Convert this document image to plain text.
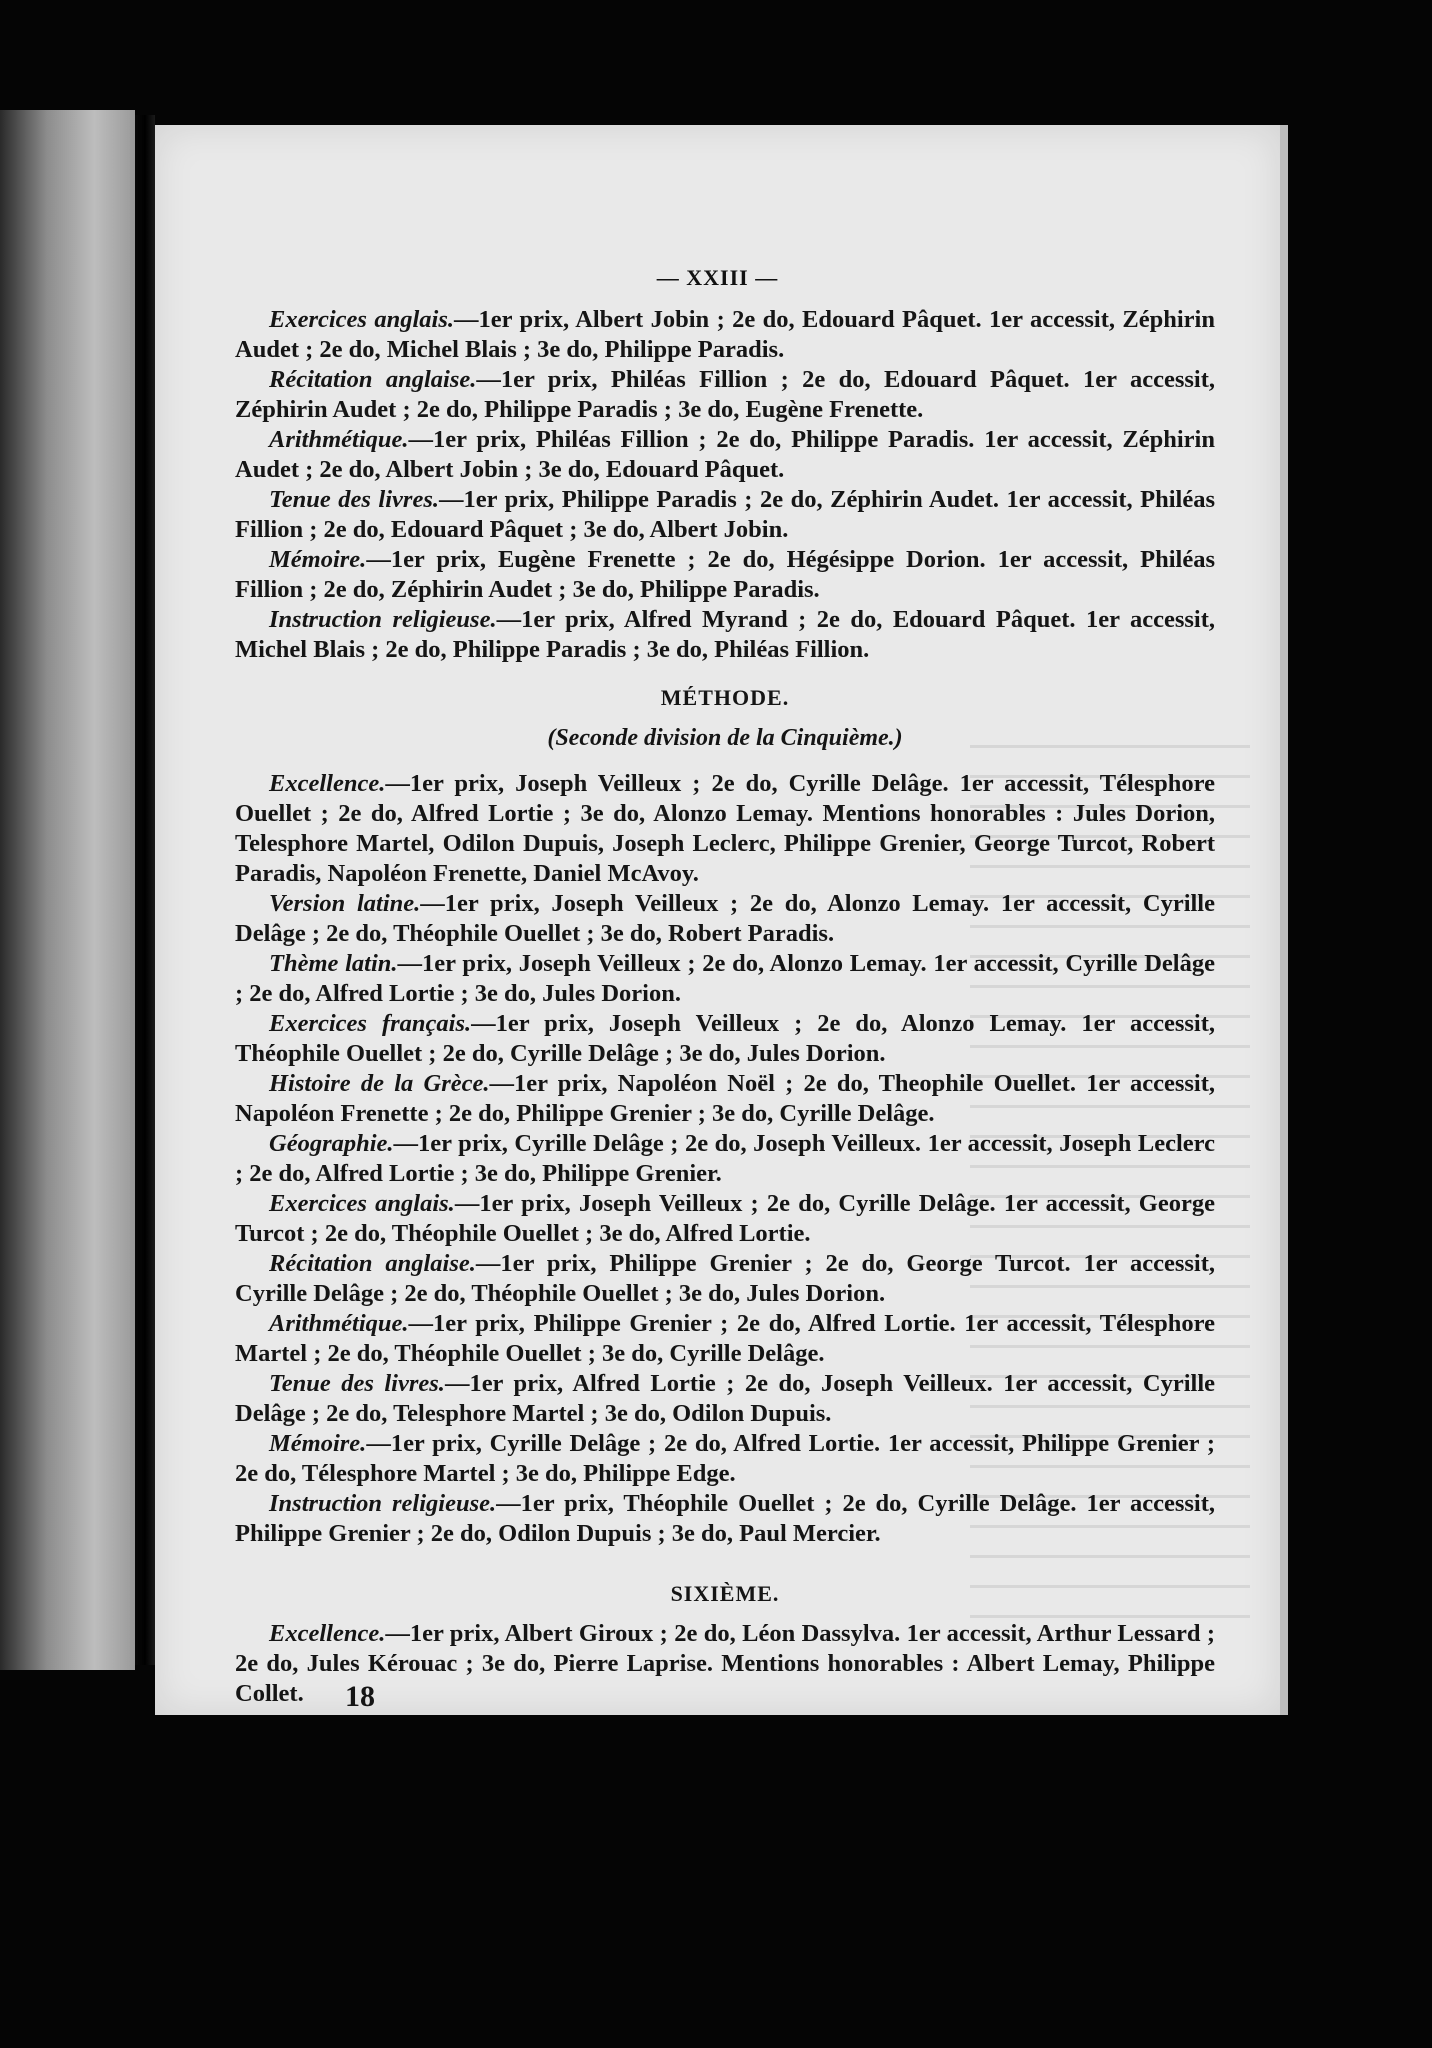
— XXIII —

Exercices anglais.—1er prix, Albert Jobin ; 2e do, Edouard Pâquet. 1er accessit, Zéphirin Audet ; 2e do, Michel Blais ; 3e do, Philippe Paradis.

Récitation anglaise.—1er prix, Philéas Fillion ; 2e do, Edouard Pâquet. 1er accessit, Zéphirin Audet ; 2e do, Philippe Paradis ; 3e do, Eugène Frenette.

Arithmétique.—1er prix, Philéas Fillion ; 2e do, Philippe Paradis. 1er accessit, Zéphirin Audet ; 2e do, Albert Jobin ; 3e do, Edouard Pâquet.

Tenue des livres.—1er prix, Philippe Paradis ; 2e do, Zéphirin Audet. 1er accessit, Philéas Fillion ; 2e do, Edouard Pâquet ; 3e do, Albert Jobin.

Mémoire.—1er prix, Eugène Frenette ; 2e do, Hégésippe Dorion. 1er accessit, Philéas Fillion ; 2e do, Zéphirin Audet ; 3e do, Philippe Paradis.

Instruction religieuse.—1er prix, Alfred Myrand ; 2e do, Edouard Pâquet. 1er accessit, Michel Blais ; 2e do, Philippe Paradis ; 3e do, Philéas Fillion.

MÉTHODE.
(Seconde division de la Cinquième.)

Excellence.—1er prix, Joseph Veilleux ; 2e do, Cyrille Delâge. 1er accessit, Télesphore Ouellet ; 2e do, Alfred Lortie ; 3e do, Alonzo Lemay. Mentions honorables : Jules Dorion, Telesphore Martel, Odilon Dupuis, Joseph Leclerc, Philippe Grenier, George Turcot, Robert Paradis, Napoléon Frenette, Daniel McAvoy.

Version latine.—1er prix, Joseph Veilleux ; 2e do, Alonzo Lemay. 1er accessit, Cyrille Delâge ; 2e do, Théophile Ouellet ; 3e do, Robert Paradis.

Thème latin.—1er prix, Joseph Veilleux ; 2e do, Alonzo Lemay. 1er accessit, Cyrille Delâge ; 2e do, Alfred Lortie ; 3e do, Jules Dorion.

Exercices français.—1er prix, Joseph Veilleux ; 2e do, Alonzo Lemay. 1er accessit, Théophile Ouellet ; 2e do, Cyrille Delâge ; 3e do, Jules Dorion.

Histoire de la Grèce.—1er prix, Napoléon Noël ; 2e do, Theophile Ouellet. 1er accessit, Napoléon Frenette ; 2e do, Philippe Grenier ; 3e do, Cyrille Delâge.

Géographie.—1er prix, Cyrille Delâge ; 2e do, Joseph Veilleux. 1er accessit, Joseph Leclerc ; 2e do, Alfred Lortie ; 3e do, Philippe Grenier.

Exercices anglais.—1er prix, Joseph Veilleux ; 2e do, Cyrille Delâge. 1er accessit, George Turcot ; 2e do, Théophile Ouellet ; 3e do, Alfred Lortie.

Récitation anglaise.—1er prix, Philippe Grenier ; 2e do, George Turcot. 1er accessit, Cyrille Delâge ; 2e do, Théophile Ouellet ; 3e do, Jules Dorion.

Arithmétique.—1er prix, Philippe Grenier ; 2e do, Alfred Lortie. 1er accessit, Télesphore Martel ; 2e do, Théophile Ouellet ; 3e do, Cyrille Delâge.

Tenue des livres.—1er prix, Alfred Lortie ; 2e do, Joseph Veilleux. 1er accessit, Cyrille Delâge ; 2e do, Telesphore Martel ; 3e do, Odilon Dupuis.

Mémoire.—1er prix, Cyrille Delâge ; 2e do, Alfred Lortie. 1er accessit, Philippe Grenier ; 2e do, Télesphore Martel ; 3e do, Philippe Edge.

Instruction religieuse.—1er prix, Théophile Ouellet ; 2e do, Cyrille Delâge. 1er accessit, Philippe Grenier ; 2e do, Odilon Dupuis ; 3e do, Paul Mercier.

SIXIÈME.

Excellence.—1er prix, Albert Giroux ; 2e do, Léon Dassylva. 1er accessit, Arthur Lessard ; 2e do, Jules Kérouac ; 3e do, Pierre Laprise. Mentions honorables : Albert Lemay, Philippe Collet.	18
